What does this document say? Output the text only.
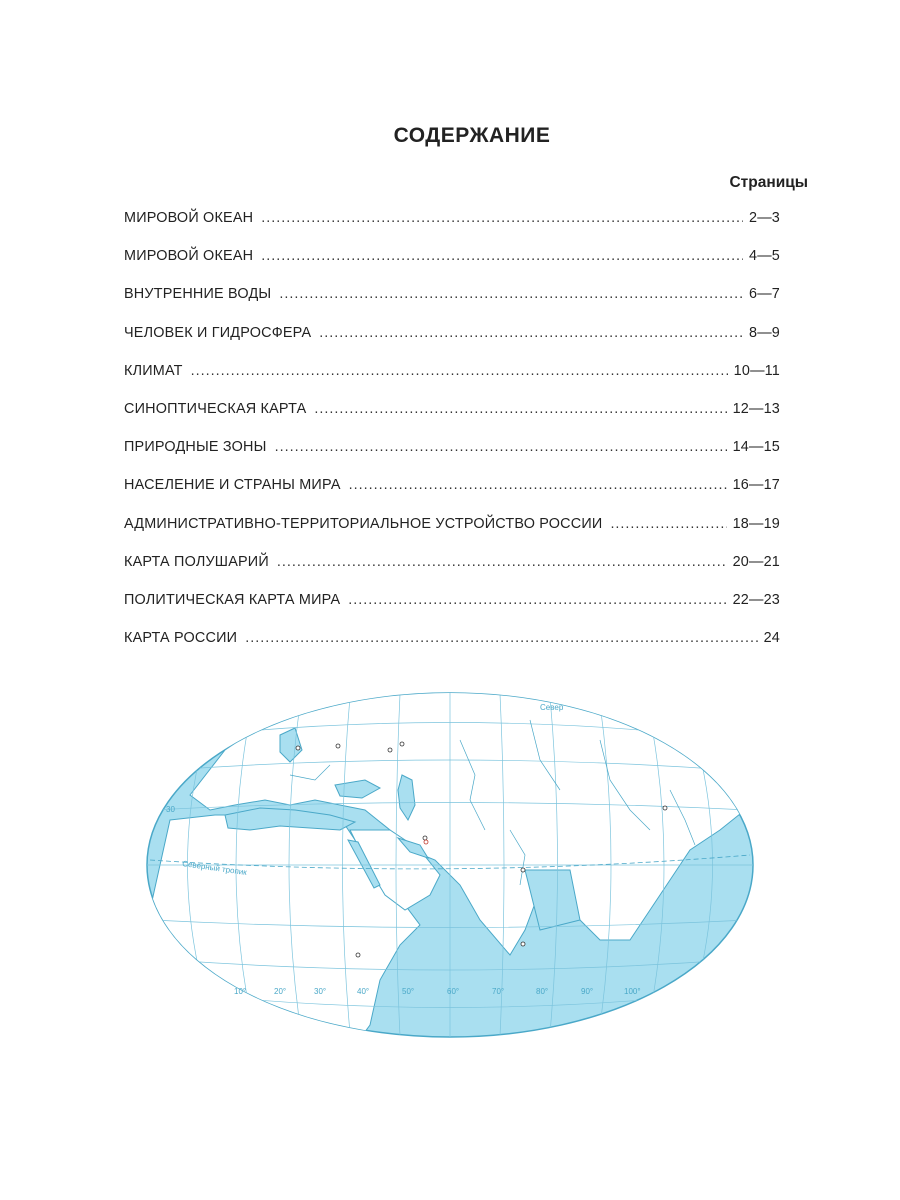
СОДЕРЖАНИЕ
Страницы
МИРОВОЙ ОКЕАН .....	2—3
МИРОВОЙ ОКЕАН .....	4—5
ВНУТРЕННИЕ ВОДЫ .....	6—7
ЧЕЛОВЕК И ГИДРОСФЕРА .....	8—9
КЛИМАТ .....	10—11
СИНОПТИЧЕСКАЯ КАРТА .....	12—13
ПРИРОДНЫЕ ЗОНЫ .....	14—15
НАСЕЛЕНИЕ И СТРАНЫ МИРА .....	16—17
АДМИНИСТРАТИВНО-ТЕРРИТОРИАЛЬНОЕ УСТРОЙСТВО РОССИИ .....	18—19
КАРТА ПОЛУШАРИЙ .....	20—21
ПОЛИТИЧЕСКАЯ КАРТА МИРА .....	22—23
КАРТА РОССИИ .....	24
Северный тропик
Север
30
10°	20°	30°	40°	50°	60°	70°	80°	90°	100°
